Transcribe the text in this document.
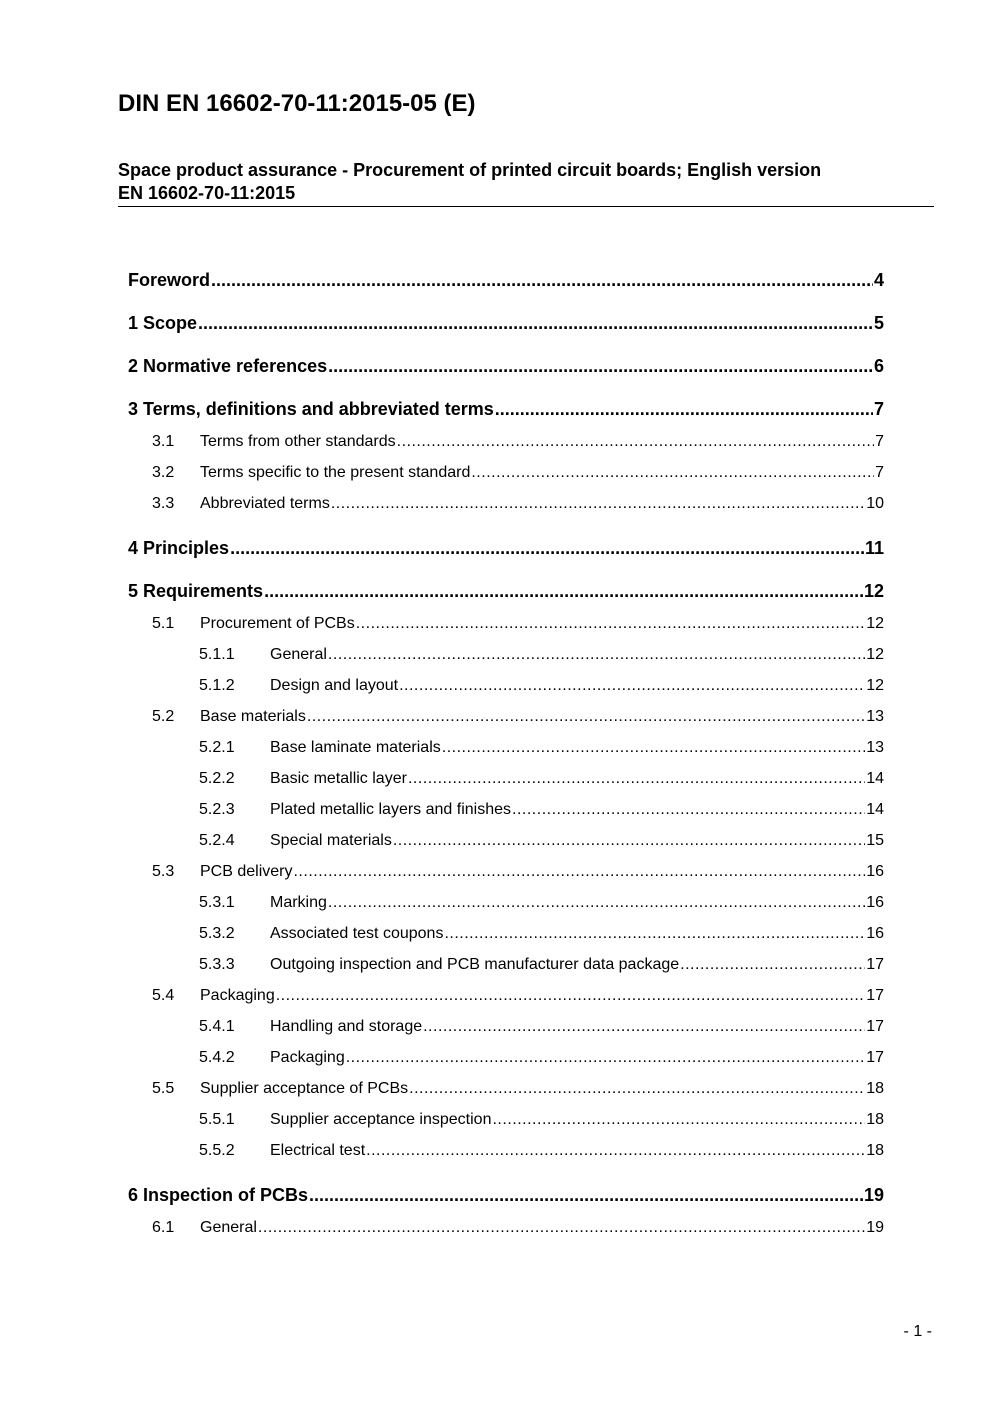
DIN EN 16602-70-11:2015-05 (E)
Space product assurance - Procurement of printed circuit boards; English version
EN 16602-70-11:2015
Foreword .....	4
1 Scope .....	5
2 Normative references .....	6
3 Terms, definitions and abbreviated terms .....	7
3.1	Terms from other standards .....	7
3.2	Terms specific to the present standard .....	7
3.3	Abbreviated terms .....	10
4 Principles .....	11
5 Requirements .....	12
5.1	Procurement of PCBs .....	12
5.1.1	General .....	12
5.1.2	Design and layout .....	12
5.2	Base materials .....	13
5.2.1	Base laminate materials .....	13
5.2.2	Basic metallic layer .....	14
5.2.3	Plated metallic layers and finishes .....	14
5.2.4	Special materials .....	15
5.3	PCB delivery .....	16
5.3.1	Marking .....	16
5.3.2	Associated test coupons .....	16
5.3.3	Outgoing inspection and PCB manufacturer data package .....	17
5.4	Packaging .....	17
5.4.1	Handling and storage .....	17
5.4.2	Packaging .....	17
5.5	Supplier acceptance of PCBs .....	18
5.5.1	Supplier acceptance inspection .....	18
5.5.2	Electrical test .....	18
6 Inspection of PCBs .....	19
6.1	General .....	19
- 1 -
